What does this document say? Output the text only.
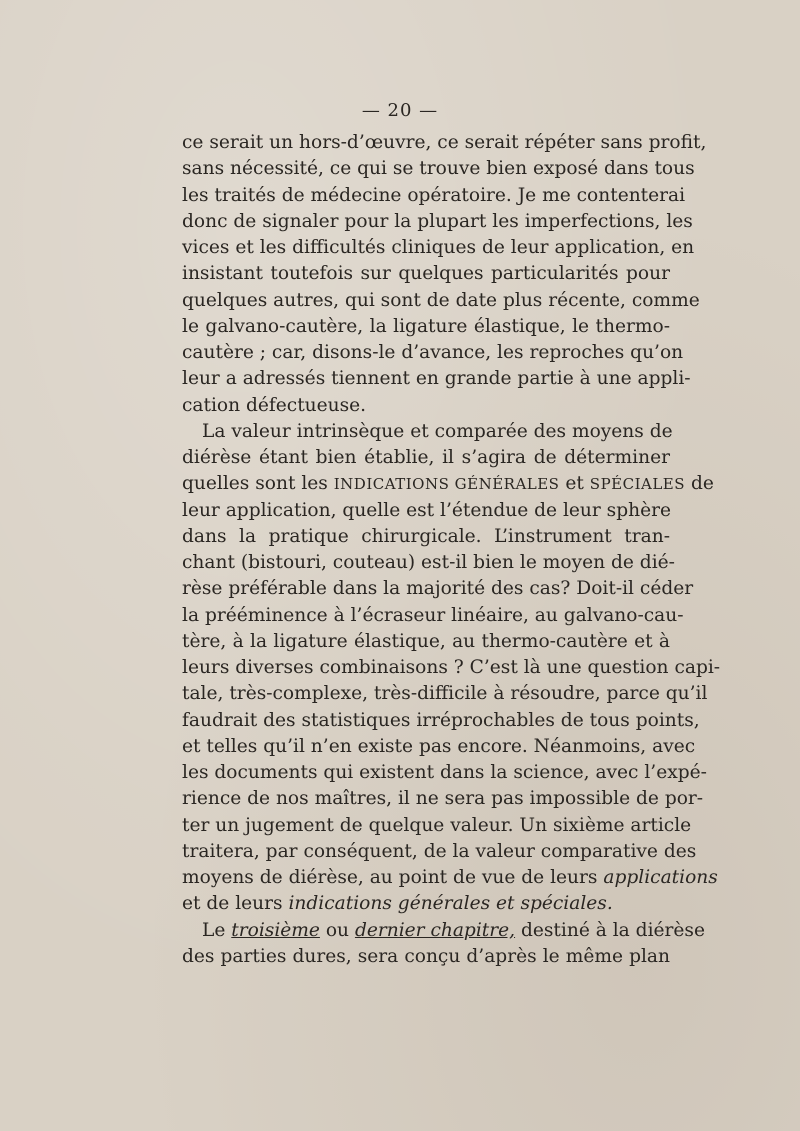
— 20 —
ce serait un hors-d’œuvre, ce serait répéter sans profit,
sans nécessité, ce qui se trouve bien exposé dans tous
les traités de médecine opératoire. Je me contenterai
donc de signaler pour la plupart les imperfections, les
vices et les difficultés cliniques de leur application, en
insistant toutefois sur quelques particularités pour
quelques autres, qui sont de date plus récente, comme
le galvano-cautère, la ligature élastique, le thermo-
cautère ; car, disons-le d’avance, les reproches qu’on
leur a adressés tiennent en grande partie à une appli-
cation défectueuse.
La valeur intrinsèque et comparée des moyens de
diérèse étant bien établie, il s’agira de déterminer
quelles sont les INDICATIONS GÉNÉRALES et SPÉCIALES de
leur application, quelle est l’étendue de leur sphère
dans la pratique chirurgicale. L’instrument tran-
chant (bistouri, couteau) est-il bien le moyen de dié-
rèse préférable dans la majorité des cas? Doit-il céder
la prééminence à l’écraseur linéaire, au galvano-cau-
tère, à la ligature élastique, au thermo-cautère et à
leurs diverses combinaisons ? C’est là une question capi-
tale, très-complexe, très-difficile à résoudre, parce qu’il
faudrait des statistiques irréprochables de tous points,
et telles qu’il n’en existe pas encore. Néanmoins, avec
les documents qui existent dans la science, avec l’expé-
rience de nos maîtres, il ne sera pas impossible de por-
ter un jugement de quelque valeur. Un sixième article
traitera, par conséquent, de la valeur comparative des
moyens de diérèse, au point de vue de leurs applications
et de leurs indications générales et spéciales.
Le troisième ou dernier chapitre, destiné à la diérèse
des parties dures, sera conçu d’après le même plan
